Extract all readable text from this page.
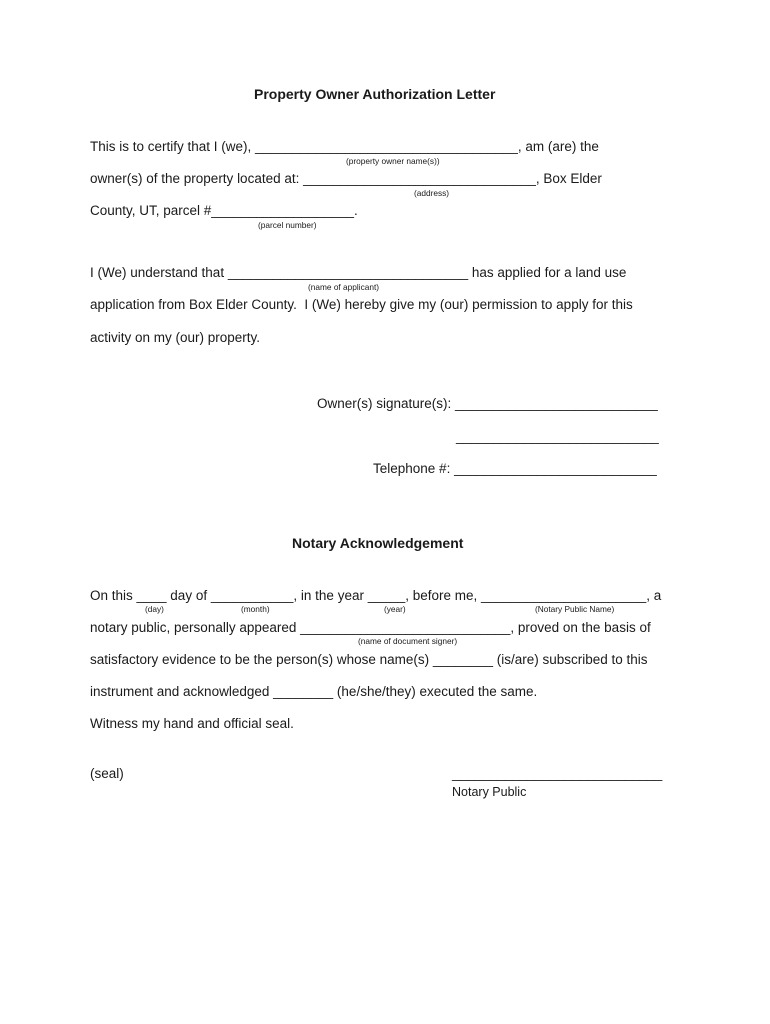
Property Owner Authorization Letter
This is to certify that I (we), ___________________________________, am (are) the
(property owner name(s))
owner(s) of the property located at: _______________________________, Box Elder
(address)
County, UT, parcel #___________________.
(parcel number)
I (We) understand that ________________________________ has applied for a land use
(name of applicant)
application from Box Elder County.  I (We) hereby give my (our) permission to apply for this
activity on my (our) property.
Owner(s) signature(s): ___________________________
___________________________
Telephone #: ___________________________
Notary Acknowledgement
On this ____ day of ___________, in the year _____, before me, ______________________, a
(day)	(month)	(year)	(Notary Public Name)
notary public, personally appeared ____________________________, proved on the basis of
(name of document signer)
satisfactory evidence to be the person(s) whose name(s) ________ (is/are) subscribed to this
instrument and acknowledged ________ (he/she/they) executed the same.
Witness my hand and official seal.
(seal)	____________________________
Notary Public
